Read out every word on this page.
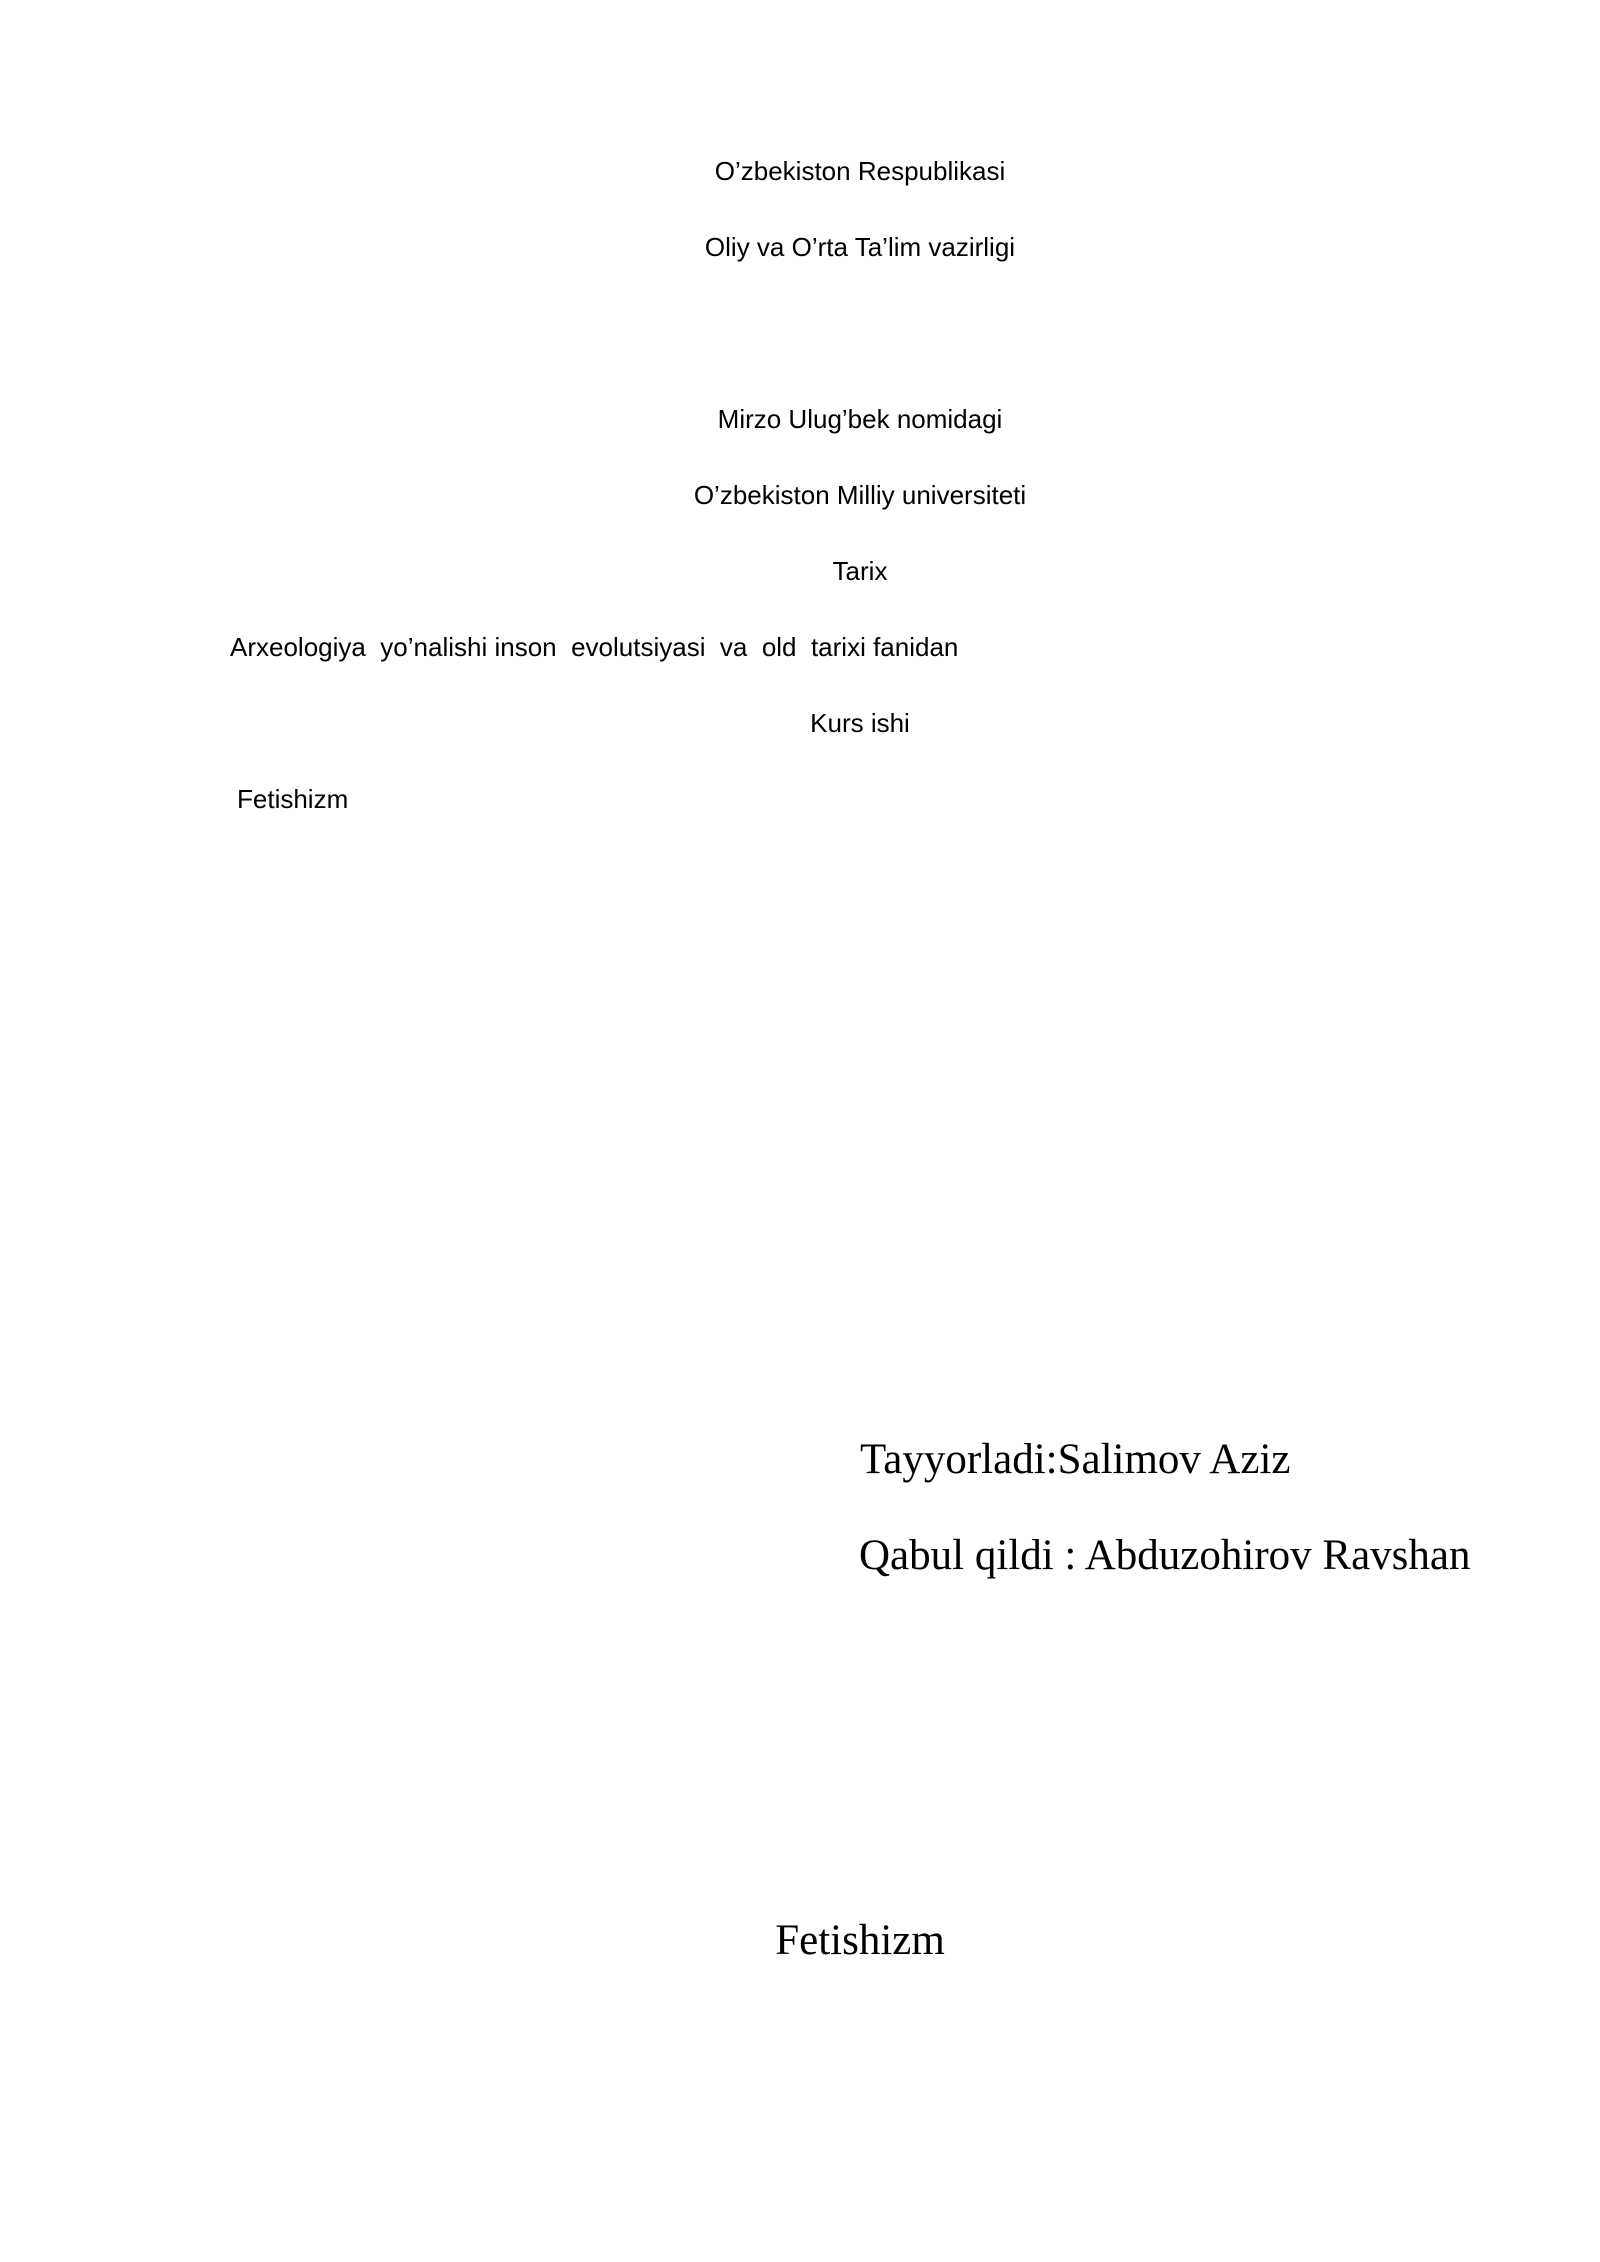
O’zbekiston Respublikasi
Oliy va O’rta Ta’lim vazirligi
Mirzo Ulug’bek nomidagi
O’zbekiston Milliy universiteti
Tarix
Arxeologiya  yo’nalishi inson  evolutsiyasi  va  old  tarixi fanidan
Kurs ishi
Fetishizm
Tayyorladi:Salimov Aziz
Qabul qildi : Abduzohirov Ravshan
Fetishizm
